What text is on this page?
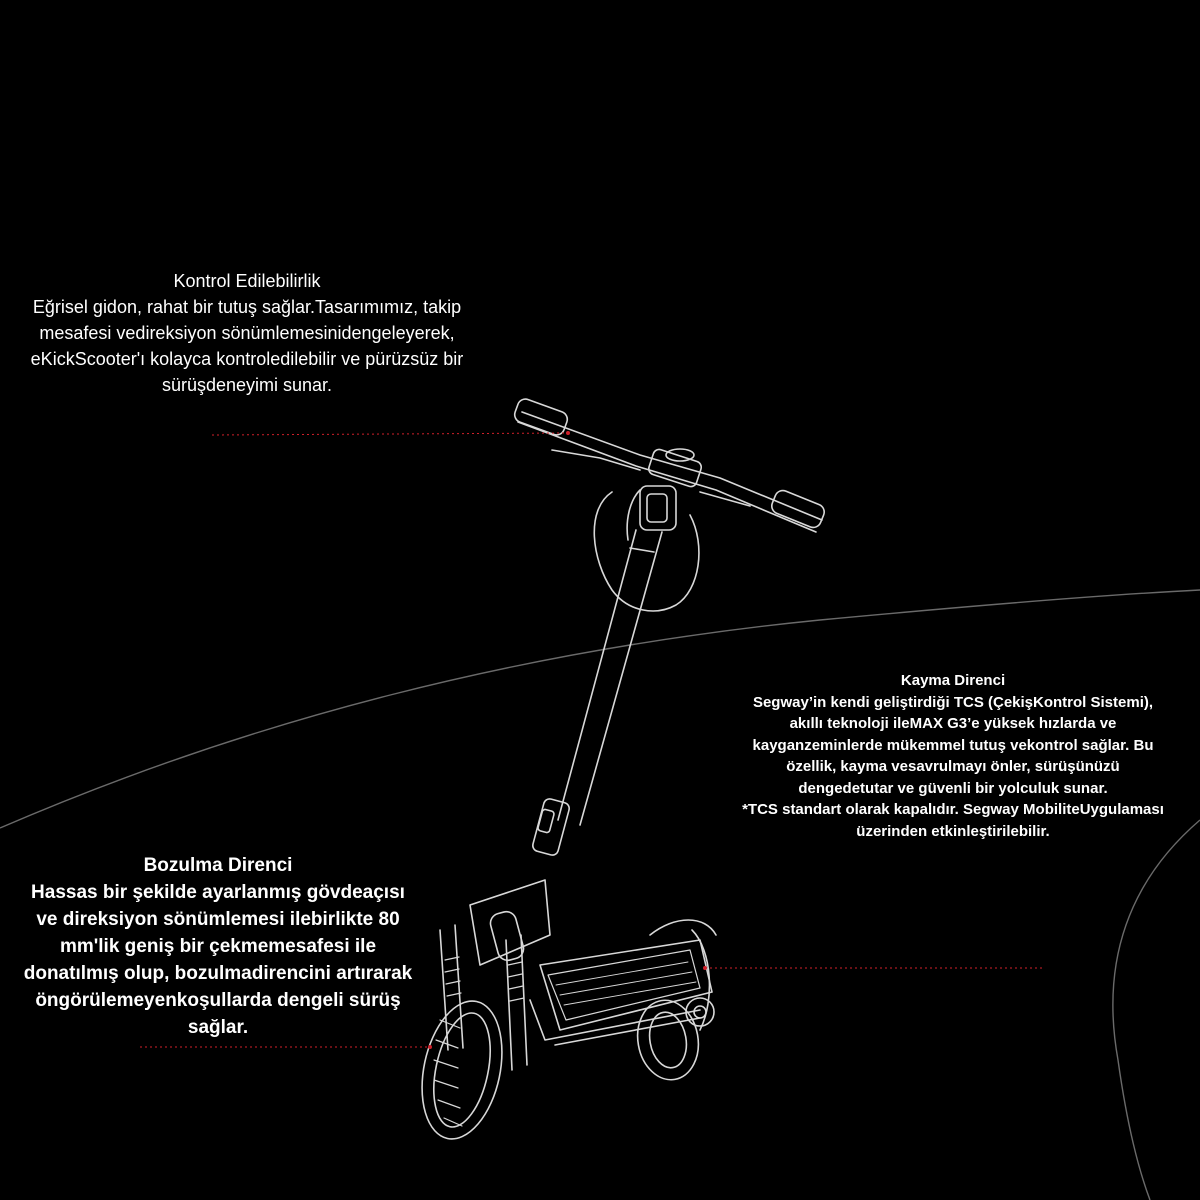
Kontrol Edilebilirlik
Eğrisel gidon, rahat bir tutuş sağlar.Tasarımımız, takip mesafesi vedireksiyon sönümlemesinidengeleyerek, eKickScooter'ı kolayca kontroledilebilir ve pürüzsüz bir sürüşdeneyimi sunar.
Kayma Direnci
Segway’in kendi geliştirdiği TCS (ÇekişKontrol Sistemi), akıllı teknoloji ileMAX G3’e yüksek hızlarda ve kayganzeminlerde mükemmel tutuş vekontrol sağlar. Bu özellik, kayma vesavrulmayı önler, sürüşünüzü dengedetutar ve güvenli bir yolculuk sunar.
*TCS standart olarak kapalıdır. Segway MobiliteUygulaması üzerinden etkinleştirilebilir.
Bozulma Direnci
Hassas bir şekilde ayarlanmış gövdeaçısı ve direksiyon sönümlemesi ilebirlikte 80 mm'lik geniş bir çekmemesafesi ile donatılmış olup, bozulmadirencini artırarak öngörülemeyenkoşullarda dengeli sürüş sağlar.
